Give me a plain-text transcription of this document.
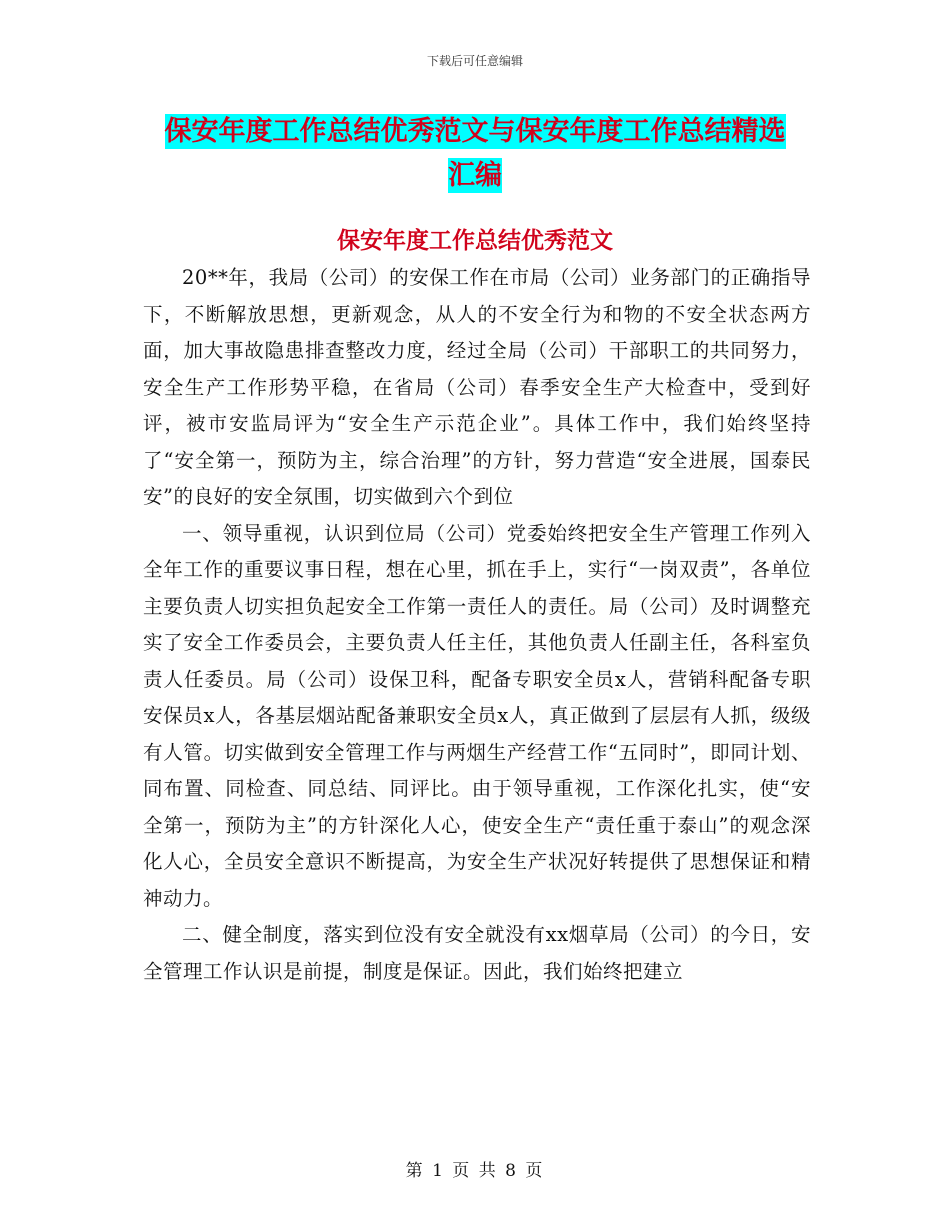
下载后可任意编辑
保安年度工作总结优秀范文与保安年度工作总结精选
汇编
保安年度工作总结优秀范文

20**年，我局（公司）的安保工作在市局（公司）业务部门的正确指导下，不断解放思想，更新观念，从人的不安全行为和物的不安全状态两方面，加大事故隐患排查整改力度，经过全局（公司）干部职工的共同努力，安全生产工作形势平稳，在省局（公司）春季安全生产大检查中，受到好评，被市安监局评为“安全生产示范企业”。具体工作中，我们始终坚持了“安全第一，预防为主，综合治理”的方针，努力营造“安全进展，国泰民安”的良好的安全氛围，切实做到六个到位

一、领导重视，认识到位局（公司）党委始终把安全生产管理工作列入全年工作的重要议事日程，想在心里，抓在手上，实行“一岗双责”，各单位主要负责人切实担负起安全工作第一责任人的责任。局（公司）及时调整充实了安全工作委员会，主要负责人任主任，其他负责人任副主任，各科室负责人任委员。局（公司）设保卫科，配备专职安全员x人，营销科配备专职安保员x人，各基层烟站配备兼职安全员x人，真正做到了层层有人抓，级级有人管。切实做到安全管理工作与两烟生产经营工作“五同时”，即同计划、同布置、同检查、同总结、同评比。由于领导重视，工作深化扎实，使“安全第一，预防为主”的方针深化人心，使安全生产“责任重于泰山”的观念深化人心，全员安全意识不断提高，为安全生产状况好转提供了思想保证和精神动力。

二、健全制度，落实到位没有安全就没有xx烟草局（公司）的今日，安全管理工作认识是前提，制度是保证。因此，我们始终把建立

第 1 页 共 8 页
